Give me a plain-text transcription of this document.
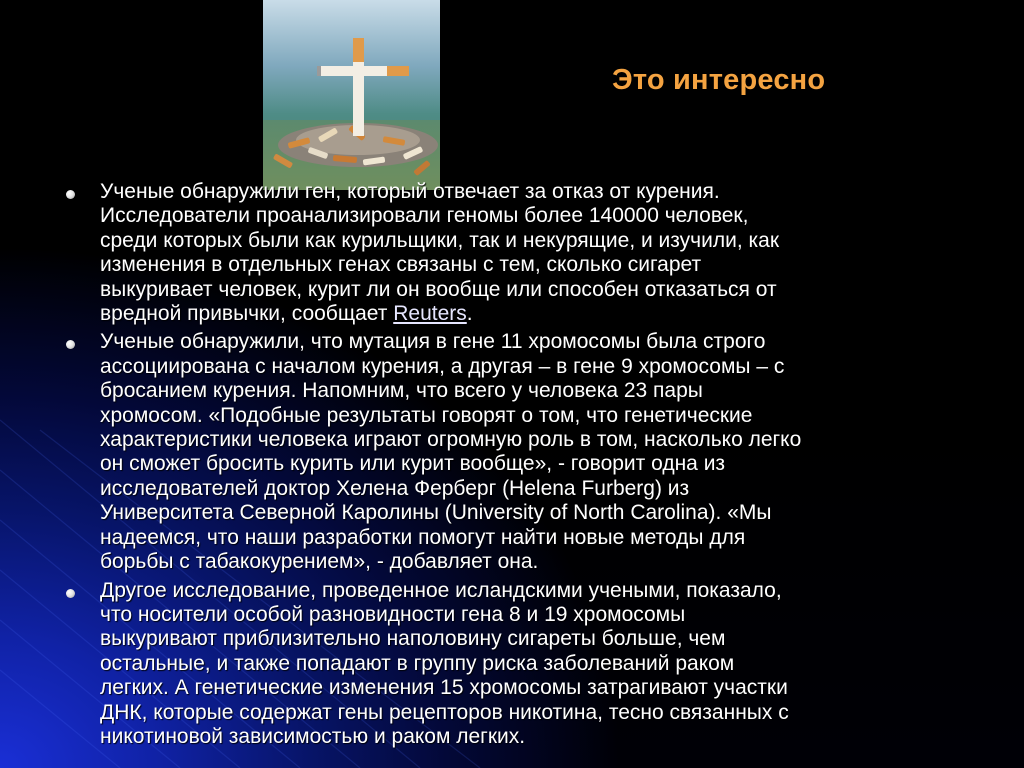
Это интересно
Ученые обнаружили ген, который отвечает за отказ от курения.
Исследователи проанализировали геномы более 140000 человек,
среди которых были как курильщики, так и некурящие, и изучили, как
изменения в отдельных генах связаны с тем, сколько сигарет
выкуривает человек, курит ли он вообще или способен отказаться от
вредной привычки, сообщает Reuters.
Ученые обнаружили, что мутация в гене 11 хромосомы была строго
ассоциирована с началом курения, а другая – в гене 9 хромосомы – с
бросанием курения. Напомним, что всего у человека 23 пары
хромосом. «Подобные результаты говорят о том, что генетические
характеристики человека играют огромную роль в том, насколько легко
он сможет бросить курить или курит вообще», - говорит одна из
исследователей доктор Хелена Ферберг (Helena Furberg) из
Университета Северной Каролины (University of North Carolina). «Мы
надеемся, что наши разработки помогут найти новые методы для
борьбы с табакокурением», - добавляет она.
Другое исследование, проведенное исландскими учеными, показало,
что носители особой разновидности гена 8 и 19 хромосомы
выкуривают приблизительно наполовину сигареты больше, чем
остальные, и также попадают в группу риска заболеваний раком
легких. А генетические изменения 15 хромосомы затрагивают участки
ДНК, которые содержат гены рецепторов никотина, тесно связанных с
никотиновой зависимостью и раком легких.
